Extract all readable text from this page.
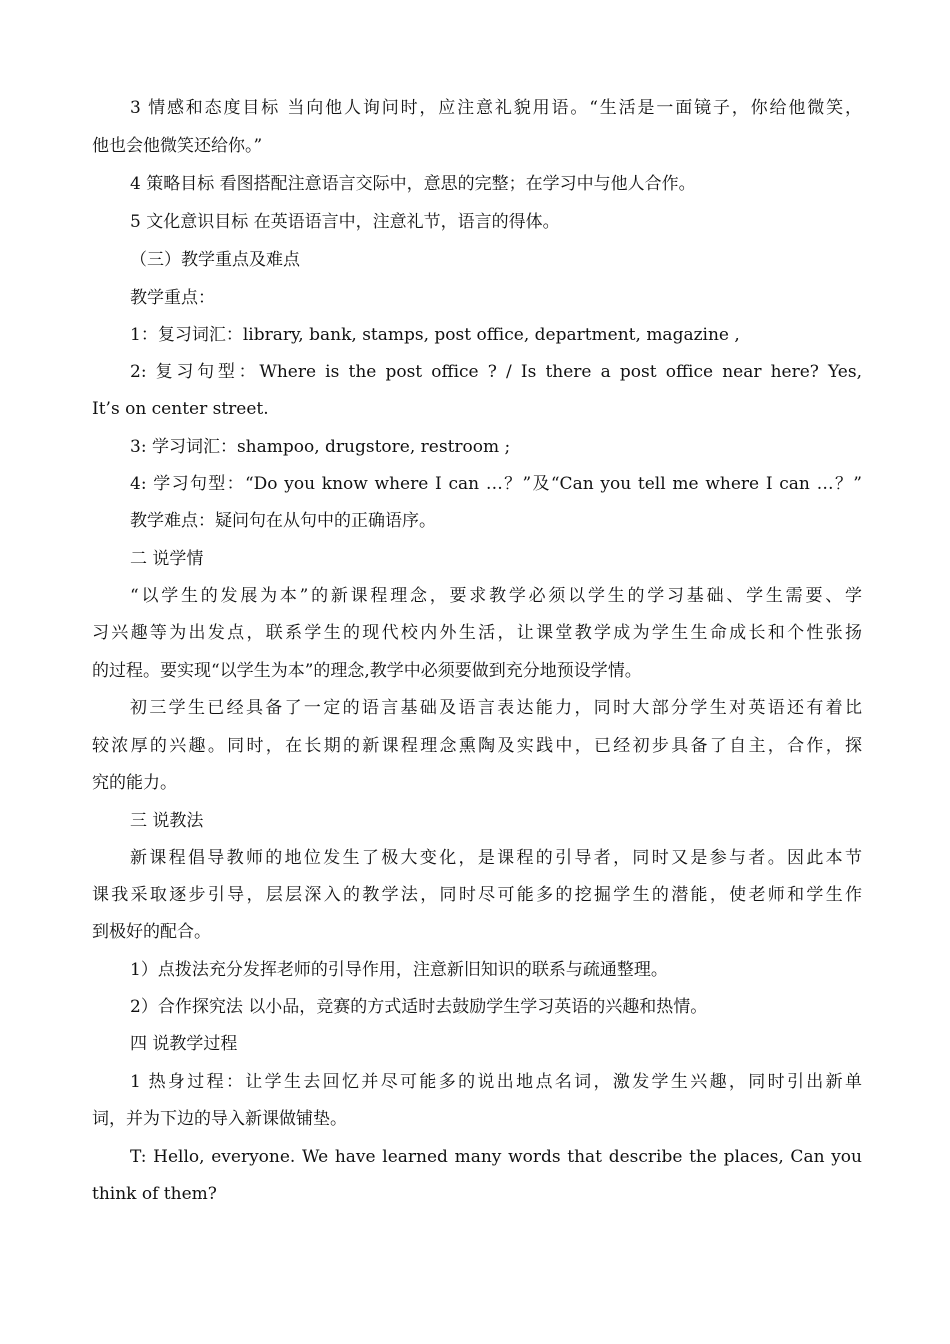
3 情感和态度目标 当向他人询问时，应注意礼貌用语。“生活是一面镜子，你给他微笑，
他也会他微笑还给你。”
4 策略目标 看图搭配注意语言交际中，意思的完整；在学习中与他人合作。
5 文化意识目标 在英语语言中，注意礼节，语言的得体。
（三）教学重点及难点
教学重点：
1：复习词汇：library, bank, stamps, post office, department, magazine ,
2: 复习句型：Where is the post office ? / Is there a post office near here? Yes,
It’s on center street.
3: 学习词汇：shampoo, drugstore, restroom ;
4: 学习句型：“Do you know where I can …？”及“Can you tell me where I can …？”
教学难点：疑问句在从句中的正确语序。
二 说学情
“以学生的发展为本”的新课程理念，要求教学必须以学生的学习基础、学生需要、学
习兴趣等为出发点，联系学生的现代校内外生活，让课堂教学成为学生生命成长和个性张扬
的过程。要实现“以学生为本”的理念,教学中必须要做到充分地预设学情。
初三学生已经具备了一定的语言基础及语言表达能力，同时大部分学生对英语还有着比
较浓厚的兴趣。同时，在长期的新课程理念熏陶及实践中，已经初步具备了自主，合作，探
究的能力。
三 说教法
新课程倡导教师的地位发生了极大变化，是课程的引导者，同时又是参与者。因此本节
课我采取逐步引导，层层深入的教学法，同时尽可能多的挖掘学生的潜能，使老师和学生作
到极好的配合。
1）点拨法充分发挥老师的引导作用，注意新旧知识的联系与疏通整理。
2）合作探究法 以小品，竞赛的方式适时去鼓励学生学习英语的兴趣和热情。
四 说教学过程
1 热身过程：让学生去回忆并尽可能多的说出地点名词，激发学生兴趣，同时引出新单
词，并为下边的导入新课做铺垫。
T: Hello, everyone. We have learned many words that describe the places, Can you
think of them?
